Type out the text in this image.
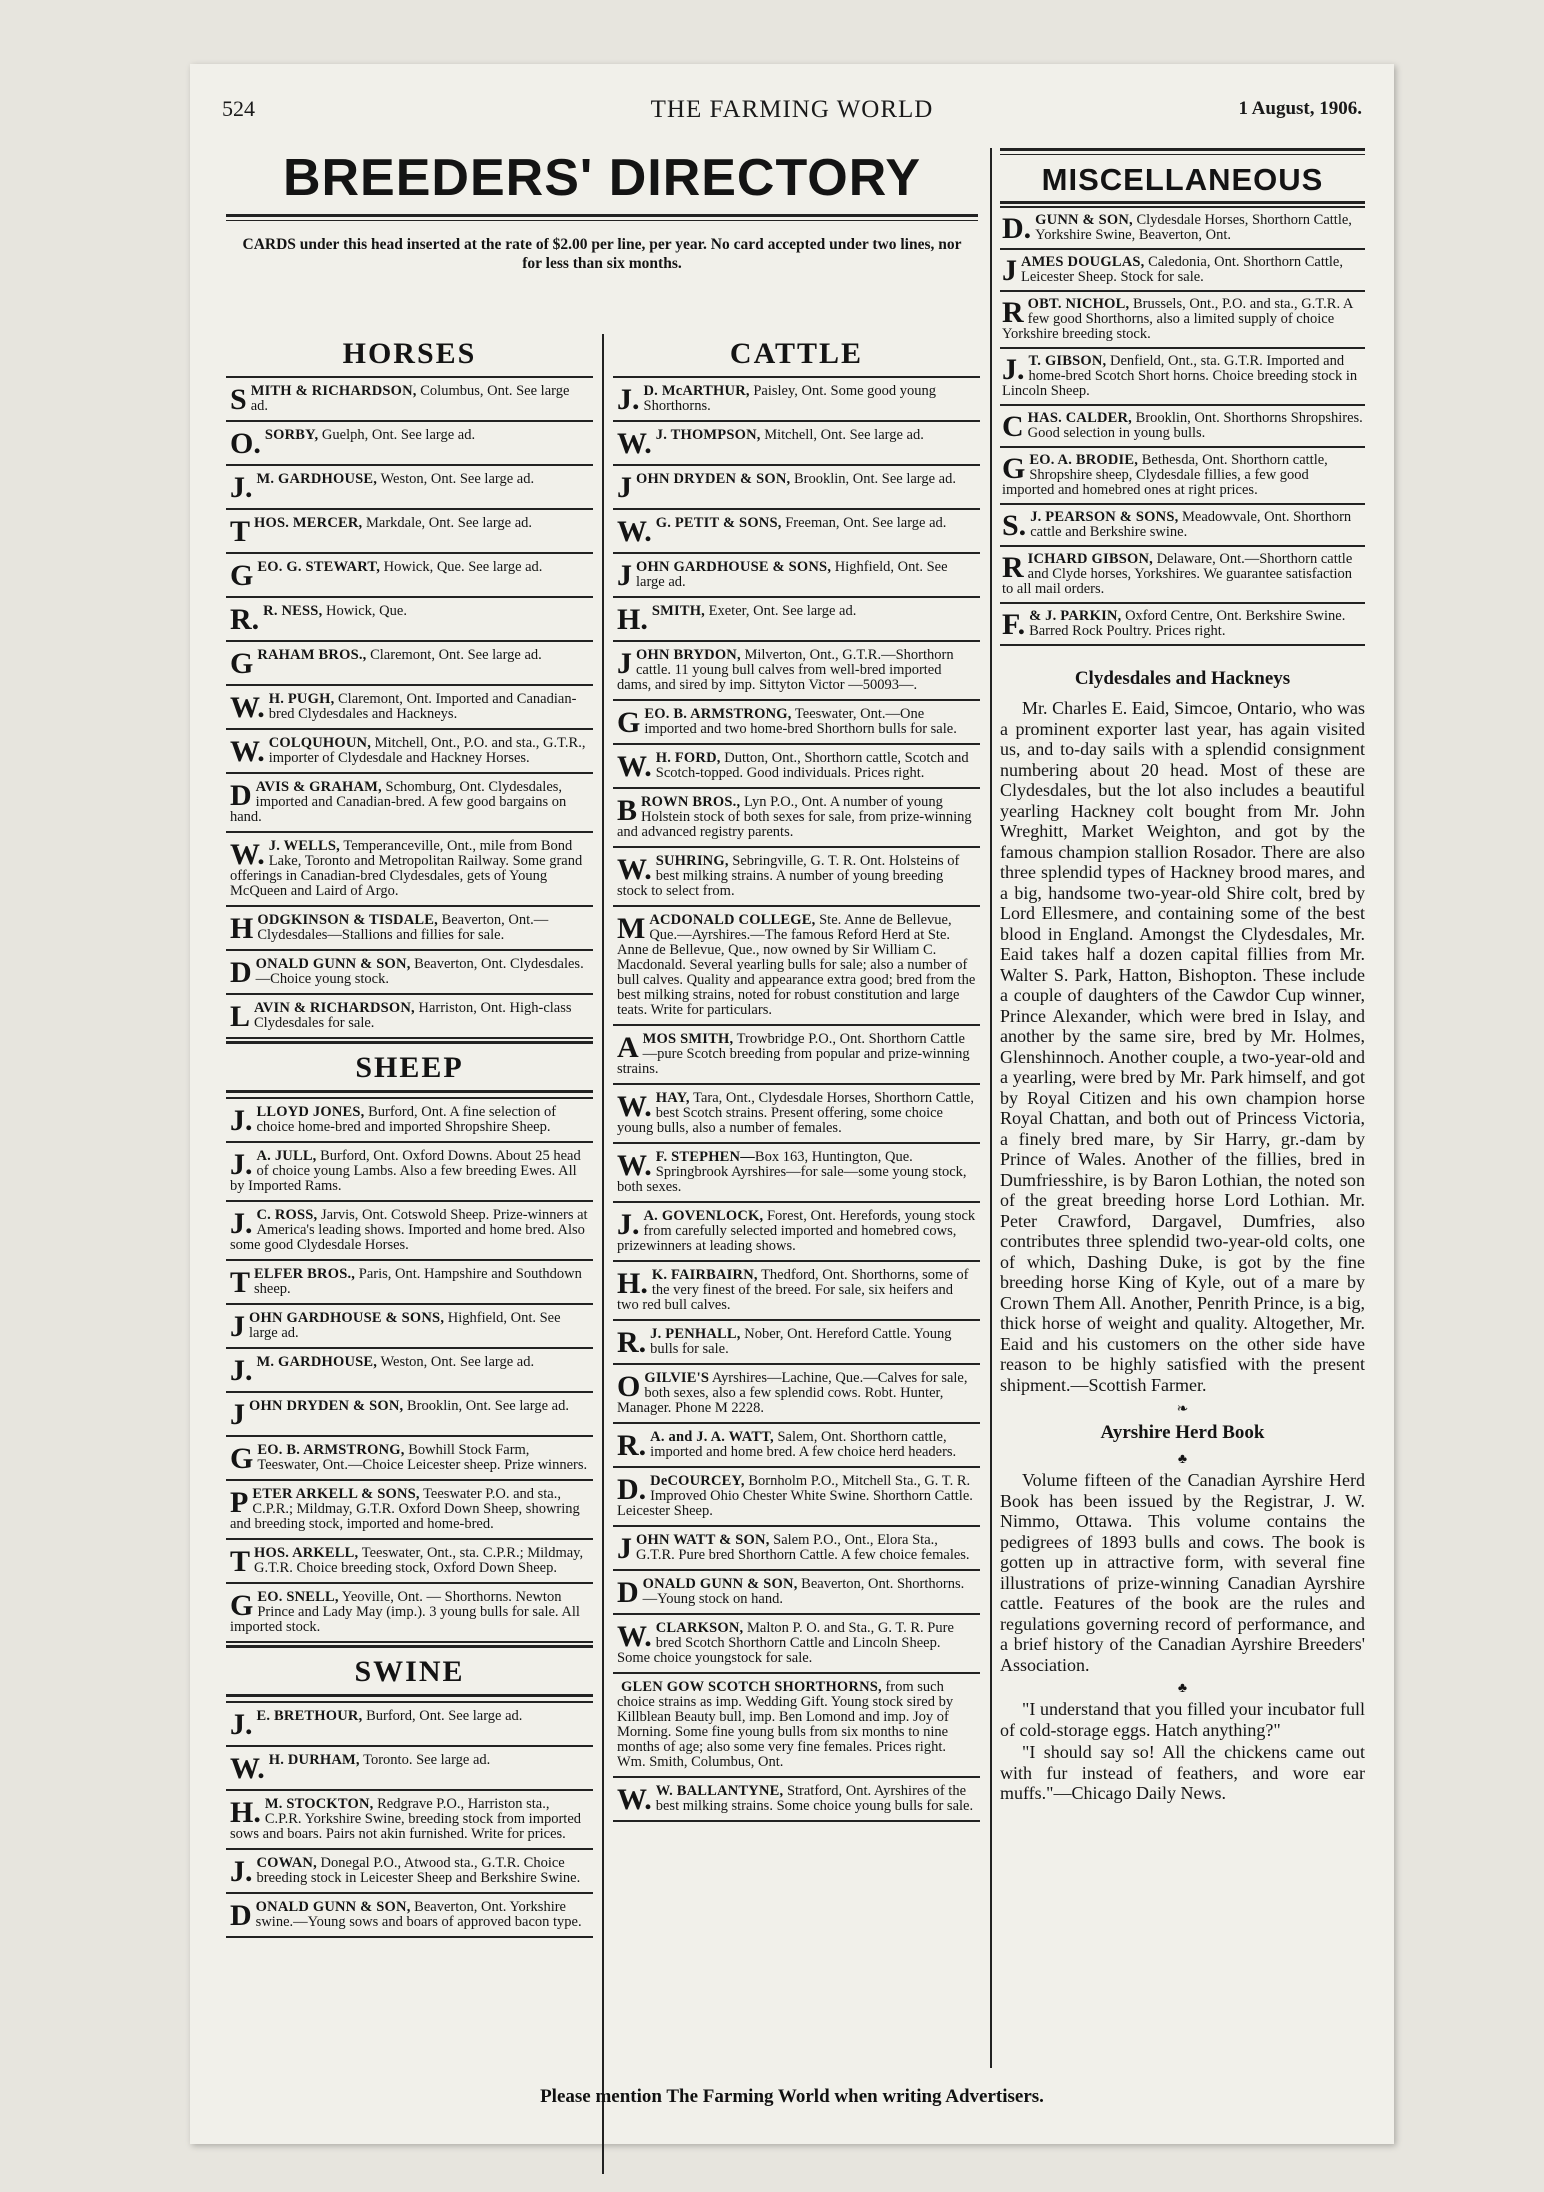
524	THE FARMING WORLD	1 August, 1906.
BREEDERS' DIRECTORY
CARDS under this head inserted at the rate of $2.00 per line, per year. No card accepted under two lines, nor for less than six months.
HORSES
SMITH & RICHARDSON, Columbus, Ont. See large ad.
O. SORBY, Guelph, Ont. See large ad.
J. M. GARDHOUSE, Weston, Ont. See large ad.
THOS. MERCER, Markdale, Ont. See large ad.
GEO. G. STEWART, Howick, Que. See large ad.
R. R. NESS, Howick, Que.
GRAHAM BROS., Claremont, Ont. See large ad.
W. H. PUGH, Claremont, Ont. Imported and Canadian-bred Clydesdales and Hackneys.
W. COLQUHOUN, Mitchell, Ont., P.O. and sta., G.T.R., importer of Clydesdale and Hackney Horses.
DAVIS & GRAHAM, Schomburg, Ont. Clydesdales, imported and Canadian-bred. A few good bargains on hand.
W. J. WELLS, Temperanceville, Ont., mile from Bond Lake, Toronto and Metropolitan Railway. Some grand offerings in Canadian-bred Clydesdales, gets of Young McQueen and Laird of Argo.
HODGKINSON & TISDALE, Beaverton, Ont.—Clydesdales—Stallions and fillies for sale.
DONALD GUNN & SON, Beaverton, Ont. Clydesdales.—Choice young stock.
LAVIN & RICHARDSON, Harriston, Ont. High-class Clydesdales for sale.
SHEEP
J. LLOYD JONES, Burford, Ont. A fine selection of choice home-bred and imported Shropshire Sheep.
J. A. JULL, Burford, Ont. Oxford Downs. About 25 head of choice young Lambs. Also a few breeding Ewes. All by Imported Rams.
J. C. ROSS, Jarvis, Ont. Cotswold Sheep. Prize-winners at America's leading shows. Imported and home bred. Also some good Clydesdale Horses.
TELFER BROS., Paris, Ont. Hampshire and Southdown sheep.
JOHN GARDHOUSE & SONS, Highfield, Ont. See large ad.
J. M. GARDHOUSE, Weston, Ont. See large ad.
JOHN DRYDEN & SON, Brooklin, Ont. See large ad.
GEO. B. ARMSTRONG, Bowhill Stock Farm, Teeswater, Ont.—Choice Leicester sheep. Prize winners.
PETER ARKELL & SONS, Teeswater P.O. and sta., C.P.R.; Mildmay, G.T.R. Oxford Down Sheep, showring and breeding stock, imported and home-bred.
THOS. ARKELL, Teeswater, Ont., sta. C.P.R.; Mildmay, G.T.R. Choice breeding stock, Oxford Down Sheep.
GEO. SNELL, Yeoville, Ont. — Shorthorns. Newton Prince and Lady May (imp.). 3 young bulls for sale. All imported stock.
SWINE
J. E. BRETHOUR, Burford, Ont. See large ad.
W. H. DURHAM, Toronto. See large ad.
H. M. STOCKTON, Redgrave P.O., Harriston sta., C.P.R. Yorkshire Swine, breeding stock from imported sows and boars. Pairs not akin furnished. Write for prices.
J. COWAN, Donegal P.O., Atwood sta., G.T.R. Choice breeding stock in Leicester Sheep and Berkshire Swine.
DONALD GUNN & SON, Beaverton, Ont. Yorkshire swine.—Young sows and boars of approved bacon type.
CATTLE
J. D. McARTHUR, Paisley, Ont. Some good young Shorthorns.
W. J. THOMPSON, Mitchell, Ont. See large ad.
JOHN DRYDEN & SON, Brooklin, Ont. See large ad.
W. G. PETIT & SONS, Freeman, Ont. See large ad.
JOHN GARDHOUSE & SONS, Highfield, Ont. See large ad.
H. SMITH, Exeter, Ont. See large ad.
JOHN BRYDON, Milverton, Ont., G.T.R.—Shorthorn cattle. 11 young bull calves from well-bred imported dams, and sired by imp. Sittyton Victor —50093—.
GEO. B. ARMSTRONG, Teeswater, Ont.—One imported and two home-bred Shorthorn bulls for sale.
W. H. FORD, Dutton, Ont., Shorthorn cattle, Scotch and Scotch-topped. Good individuals. Prices right.
BROWN BROS., Lyn P.O., Ont. A number of young Holstein stock of both sexes for sale, from prize-winning and advanced registry parents.
W. SUHRING, Sebringville, G. T. R. Ont. Holsteins of best milking strains. A number of young breeding stock to select from.
MACDONALD COLLEGE, Ste. Anne de Bellevue, Que.—Ayrshires.—The famous Reford Herd at Ste. Anne de Bellevue, Que., now owned by Sir William C. Macdonald. Several yearling bulls for sale; also a number of bull calves. Quality and appearance extra good; bred from the best milking strains, noted for robust constitution and large teats. Write for particulars.
AMOS SMITH, Trowbridge P.O., Ont. Shorthorn Cattle—pure Scotch breeding from popular and prize-winning strains.
W. HAY, Tara, Ont., Clydesdale Horses, Shorthorn Cattle, best Scotch strains. Present offering, some choice young bulls, also a number of females.
W. F. STEPHEN—Box 163, Huntington, Que. Springbrook Ayrshires—for sale—some young stock, both sexes.
J. A. GOVENLOCK, Forest, Ont. Herefords, young stock from carefully selected imported and homebred cows, prizewinners at leading shows.
H. K. FAIRBAIRN, Thedford, Ont. Shorthorns, some of the very finest of the breed. For sale, six heifers and two red bull calves.
R. J. PENHALL, Nober, Ont. Hereford Cattle. Young bulls for sale.
OGILVIE'S Ayrshires—Lachine, Que.—Calves for sale, both sexes, also a few splendid cows. Robt. Hunter, Manager. Phone M 2228.
R. A. and J. A. WATT, Salem, Ont. Shorthorn cattle, imported and home bred. A few choice herd headers.
D. DeCOURCEY, Bornholm P.O., Mitchell Sta., G. T. R. Improved Ohio Chester White Swine. Shorthorn Cattle. Leicester Sheep.
JOHN WATT & SON, Salem P.O., Ont., Elora Sta., G.T.R. Pure bred Shorthorn Cattle. A few choice females.
DONALD GUNN & SON, Beaverton, Ont. Shorthorns.—Young stock on hand.
W. CLARKSON, Malton P. O. and Sta., G. T. R. Pure bred Scotch Shorthorn Cattle and Lincoln Sheep. Some choice youngstock for sale.
GLEN GOW SCOTCH SHORTHORNS, from such choice strains as imp. Wedding Gift. Young stock sired by Killblean Beauty bull, imp. Ben Lomond and imp. Joy of Morning. Some fine young bulls from six months to nine months of age; also some very fine females. Prices right. Wm. Smith, Columbus, Ont.
W. W. BALLANTYNE, Stratford, Ont. Ayrshires of the best milking strains. Some choice young bulls for sale.
MISCELLANEOUS
D. GUNN & SON, Clydesdale Horses, Shorthorn Cattle, Yorkshire Swine, Beaverton, Ont.
JAMES DOUGLAS, Caledonia, Ont. Shorthorn Cattle, Leicester Sheep. Stock for sale.
ROBT. NICHOL, Brussels, Ont., P.O. and sta., G.T.R. A few good Shorthorns, also a limited supply of choice Yorkshire breeding stock.
J. T. GIBSON, Denfield, Ont., sta. G.T.R. Imported and home-bred Scotch Short horns. Choice breeding stock in Lincoln Sheep.
CHAS. CALDER, Brooklin, Ont. Shorthorns Shropshires. Good selection in young bulls.
GEO. A. BRODIE, Bethesda, Ont. Shorthorn cattle, Shropshire sheep, Clydesdale fillies, a few good imported and homebred ones at right prices.
S. J. PEARSON & SONS, Meadowvale, Ont. Shorthorn cattle and Berkshire swine.
RICHARD GIBSON, Delaware, Ont.—Shorthorn cattle and Clyde horses, Yorkshires. We guarantee satisfaction to all mail orders.
F. & J. PARKIN, Oxford Centre, Ont. Berkshire Swine. Barred Rock Poultry. Prices right.
Clydesdales and Hackneys

Mr. Charles E. Eaid, Simcoe, Ontario, who was a prominent exporter last year, has again visited us, and to-day sails with a splendid consignment numbering about 20 head. Most of these are Clydesdales, but the lot also includes a beautiful yearling Hackney colt bought from Mr. John Wreghitt, Market Weighton, and got by the famous champion stallion Rosador. There are also three splendid types of Hackney brood mares, and a big, handsome two-year-old Shire colt, bred by Lord Ellesmere, and containing some of the best blood in England. Amongst the Clydesdales, Mr. Eaid takes half a dozen capital fillies from Mr. Walter S. Park, Hatton, Bishopton. These include a couple of daughters of the Cawdor Cup winner, Prince Alexander, which were bred in Islay, and another by the same sire, bred by Mr. Holmes, Glenshinnoch. Another couple, a two-year-old and a yearling, were bred by Mr. Park himself, and got by Royal Citizen and his own champion horse Royal Chattan, and both out of Princess Victoria, a finely bred mare, by Sir Harry, gr.-dam by Prince of Wales. Another of the fillies, bred in Dumfriesshire, is by Baron Lothian, the noted son of the great breeding horse Lord Lothian. Mr. Peter Crawford, Dargavel, Dumfries, also contributes three splendid two-year-old colts, one of which, Dashing Duke, is got by the fine breeding horse King of Kyle, out of a mare by Crown Them All. Another, Penrith Prince, is a big, thick horse of weight and quality. Altogether, Mr. Eaid and his customers on the other side have reason to be highly satisfied with the present shipment.—Scottish Farmer.

❧
Ayrshire Herd Book
♣

Volume fifteen of the Canadian Ayrshire Herd Book has been issued by the Registrar, J. W. Nimmo, Ottawa. This volume contains the pedigrees of 1893 bulls and cows. The book is gotten up in attractive form, with several fine illustrations of prize-winning Canadian Ayrshire cattle. Features of the book are the rules and regulations governing record of performance, and a brief history of the Canadian Ayrshire Breeders' Association.

♣

"I understand that you filled your incubator full of cold-storage eggs. Hatch anything?"

"I should say so! All the chickens came out with fur instead of feathers, and wore ear muffs."—Chicago Daily News.

Please mention The Farming World when writing Advertisers.
